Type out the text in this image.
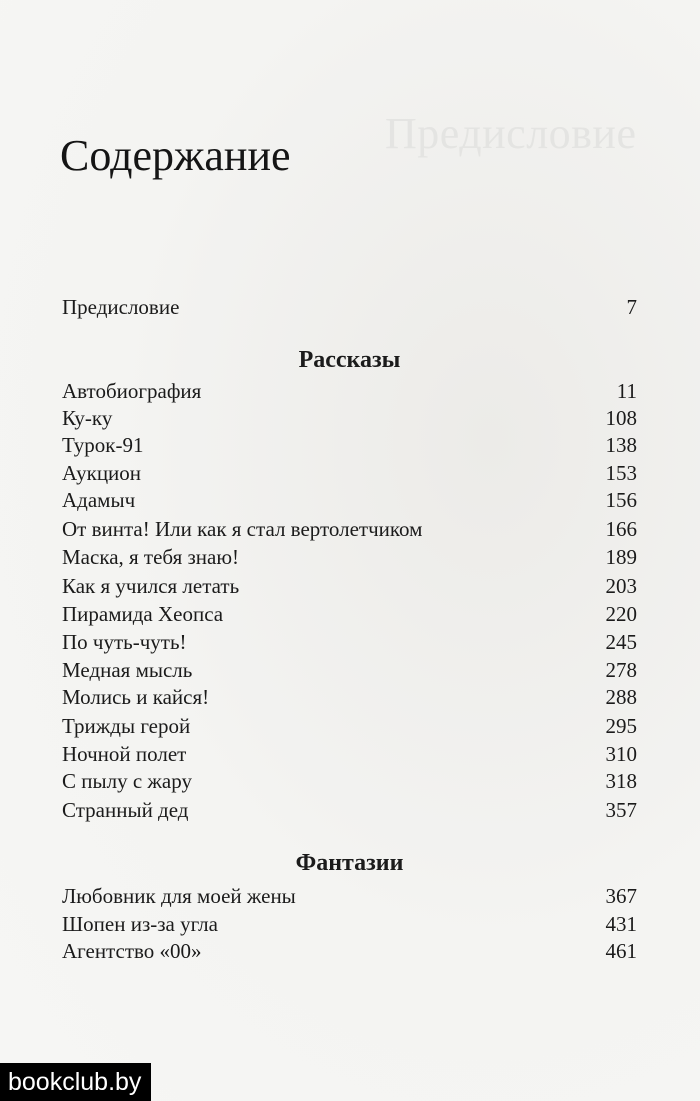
Предисловие
Содержание
Предисловие	7
Рассказы
Автобиография	11
Ку-ку	108
Турок-91	138
Аукцион	153
Адамыч	156
От винта! Или как я стал вертолетчиком	166
Маска, я тебя знаю!	189
Как я учился летать	203
Пирамида Хеопса	220
По чуть-чуть!	245
Медная мысль	278
Молись и кайся!	288
Трижды герой	295
Ночной полет	310
С пылу с жару	318
Странный дед	357
Фантазии
Любовник для моей жены	367
Шопен из-за угла	431
Агентство «00»	461
bookclub.by
